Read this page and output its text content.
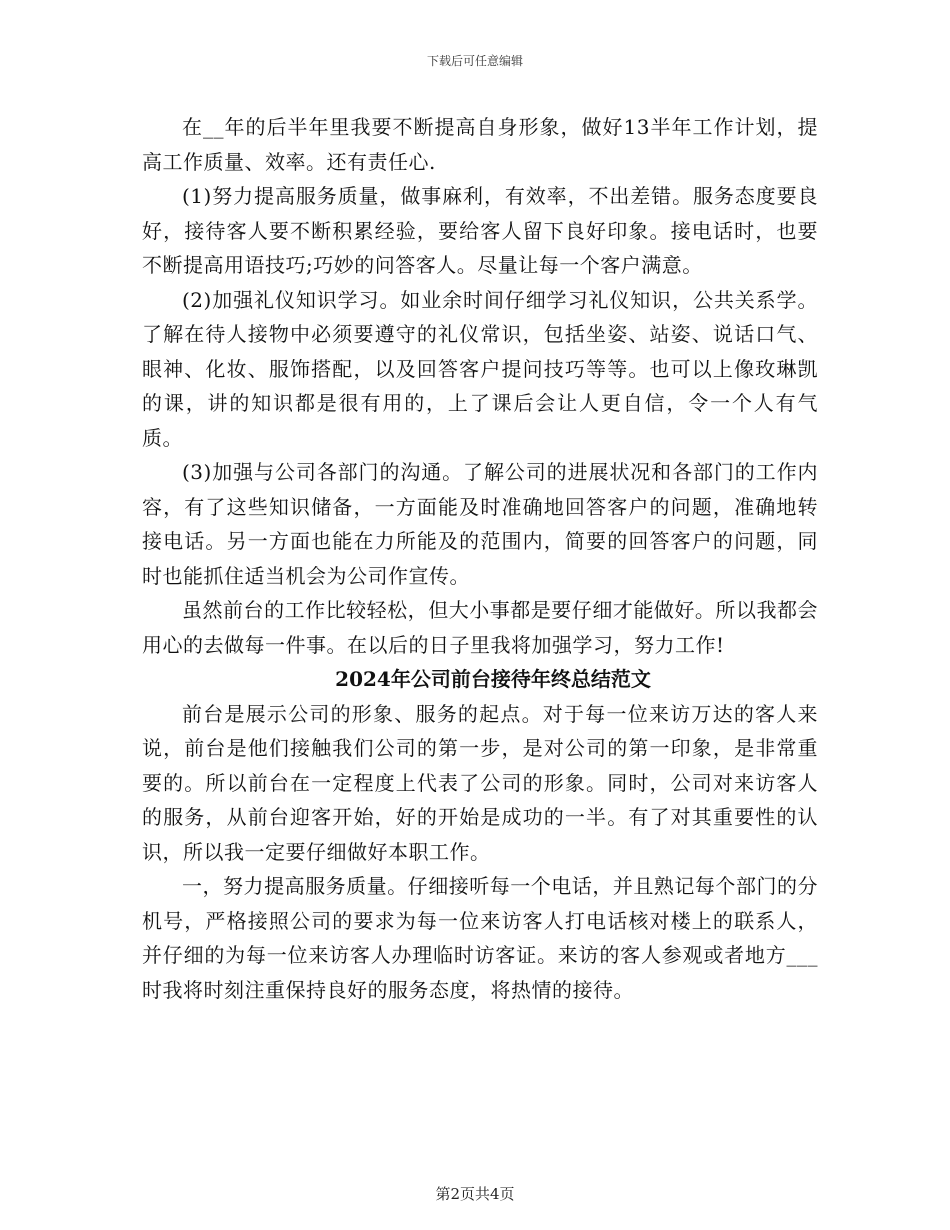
下载后可任意编辑

在__年的后半年里我要不断提高自身形象，做好13半年工作计划，提高工作质量、效率。还有责任心.

(1)努力提高服务质量，做事麻利，有效率，不出差错。服务态度要良好，接待客人要不断积累经验，要给客人留下良好印象。接电话时，也要不断提高用语技巧;巧妙的问答客人。尽量让每一个客户满意。

(2)加强礼仪知识学习。如业余时间仔细学习礼仪知识，公共关系学。了解在待人接物中必须要遵守的礼仪常识，包括坐姿、站姿、说话口气、眼神、化妆、服饰搭配，以及回答客户提问技巧等等。也可以上像玫琳凯的课，讲的知识都是很有用的，上了课后会让人更自信，令一个人有气质。

(3)加强与公司各部门的沟通。了解公司的进展状况和各部门的工作内容，有了这些知识储备，一方面能及时准确地回答客户的问题，准确地转接电话。另一方面也能在力所能及的范围内，简要的回答客户的问题，同时也能抓住适当机会为公司作宣传。

虽然前台的工作比较轻松，但大小事都是要仔细才能做好。所以我都会用心的去做每一件事。在以后的日子里我将加强学习，努力工作!

2024年公司前台接待年终总结范文

前台是展示公司的形象、服务的起点。对于每一位来访万达的客人来说，前台是他们接触我们公司的第一步，是对公司的第一印象，是非常重要的。所以前台在一定程度上代表了公司的形象。同时，公司对来访客人的服务，从前台迎客开始，好的开始是成功的一半。有了对其重要性的认识，所以我一定要仔细做好本职工作。

一，努力提高服务质量。仔细接听每一个电话，并且熟记每个部门的分机号，严格接照公司的要求为每一位来访客人打电话核对楼上的联系人，并仔细的为每一位来访客人办理临时访客证。来访的客人参观或者地方___时我将时刻注重保持良好的服务态度，将热情的接待。

第2页共4页
